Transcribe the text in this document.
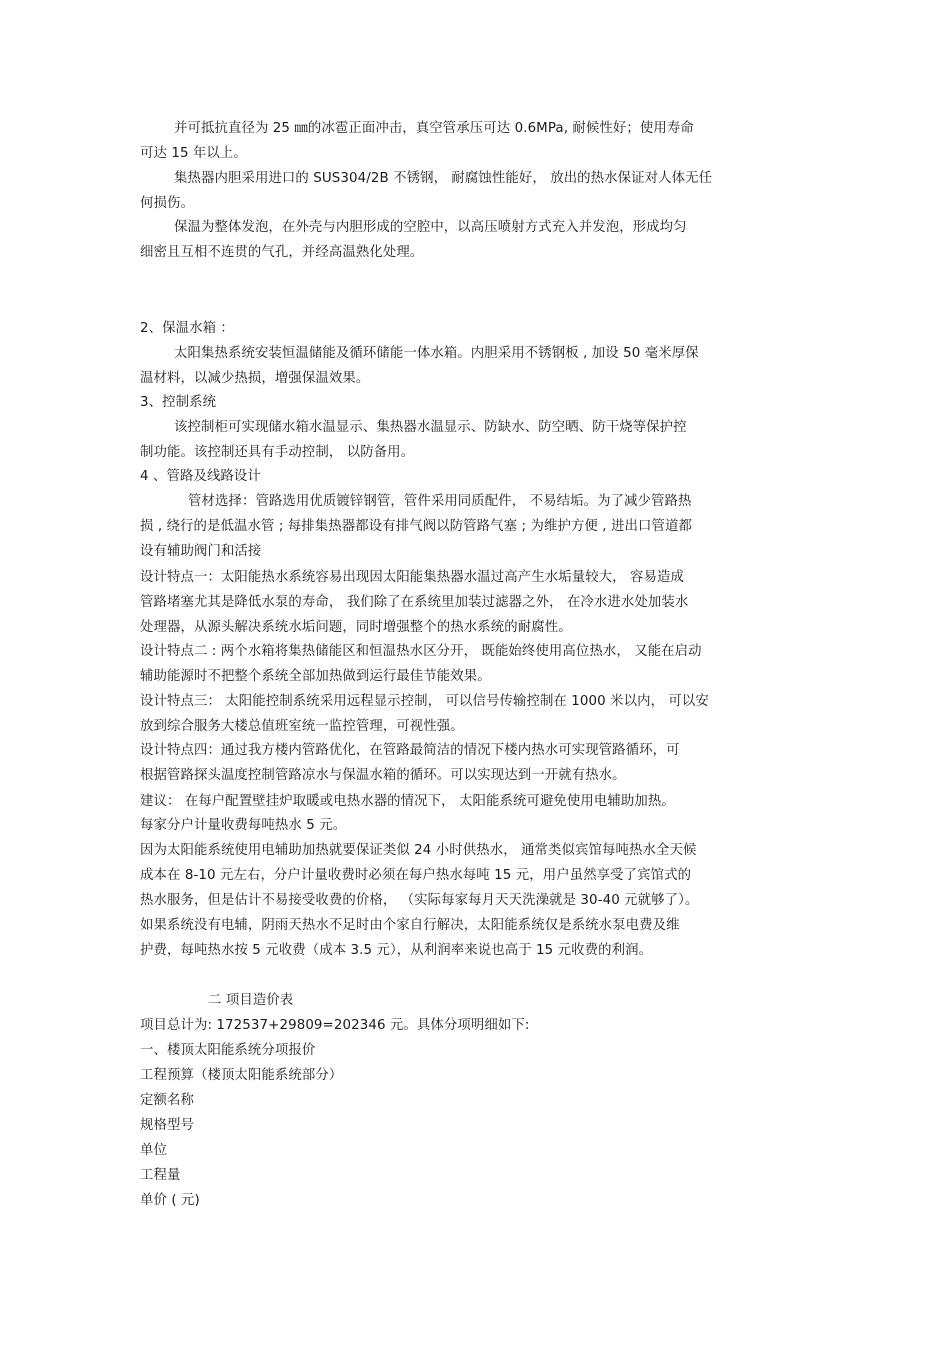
并可抵抗直径为 25 ㎜的冰雹正面冲击，真空管承压可达 0.6MPa, 耐候性好；使用寿命
可达 15 年以上。
集热器内胆采用进口的 SUS304/2B 不锈钢， 耐腐蚀性能好， 放出的热水保证对人体无任
何损伤。
保温为整体发泡，在外壳与内胆形成的空腔中，以高压喷射方式充入并发泡，形成均匀
细密且互相不连贯的气孔，并经高温熟化处理。
2、保温水箱 ：
太阳集热系统安装恒温储能及循环储能一体水箱。内胆采用不锈钢板 , 加设 50 毫米厚保
温材料，以减少热损，增强保温效果。
3、控制系统
该控制柜可实现储水箱水温显示、集热器水温显示、防缺水、防空晒、防干烧等保护控
制功能。该控制还具有手动控制， 以防备用。
4 、管路及线路设计
管材选择：管路选用优质镀锌钢管，管件采用同质配件， 不易结垢。为了减少管路热
损 , 绕行的是低温水管 ; 每排集热器都设有排气阀以防管路气塞 ; 为维护方便 , 进出口管道都
设有辅助阀门和活接
设计特点一：太阳能热水系统容易出现因太阳能集热器水温过高产生水垢量较大， 容易造成
管路堵塞尤其是降低水泵的寿命， 我们除了在系统里加装过滤器之外， 在冷水进水处加装水
处理器，从源头解决系统水垢问题，同时增强整个的热水系统的耐腐性。
设计特点二 : 两个水箱将集热储能区和恒温热水区分开， 既能始终使用高位热水， 又能在启动
辅助能源时不把整个系统全部加热做到运行最佳节能效果。
设计特点三： 太阳能控制系统采用远程显示控制， 可以信号传输控制在 1000 米以内， 可以安
放到综合服务大楼总值班室统一监控管理，可视性强。
设计特点四：通过我方楼内管路优化，在管路最简洁的情况下楼内热水可实现管路循环，可
根据管路探头温度控制管路凉水与保温水箱的循环。可以实现达到一开就有热水。
建议： 在每户配置壁挂炉取暖或电热水器的情况下， 太阳能系统可避免使用电辅助加热。
每家分户计量收费每吨热水 5 元。
因为太阳能系统使用电辅助加热就要保证类似 24 小时供热水， 通常类似宾馆每吨热水全天候
成本在 8-10 元左右，分户计量收费时必须在每户热水每吨 15 元，用户虽然享受了宾馆式的
热水服务，但是估计不易接受收费的价格， （实际每家每月天天洗澡就是 30-40 元就够了）。
如果系统没有电辅，阴雨天热水不足时由个家自行解决，太阳能系统仅是系统水泵电费及维
护费，每吨热水按 5 元收费（成本 3.5 元），从利润率来说也高于 15 元收费的利润。
二 项目造价表
项目总计为: 172537+29809=202346 元。具体分项明细如下:
一、楼顶太阳能系统分项报价
工程预算（楼顶太阳能系统部分）
定额名称
规格型号
单位
工程量
单价 ( 元)
